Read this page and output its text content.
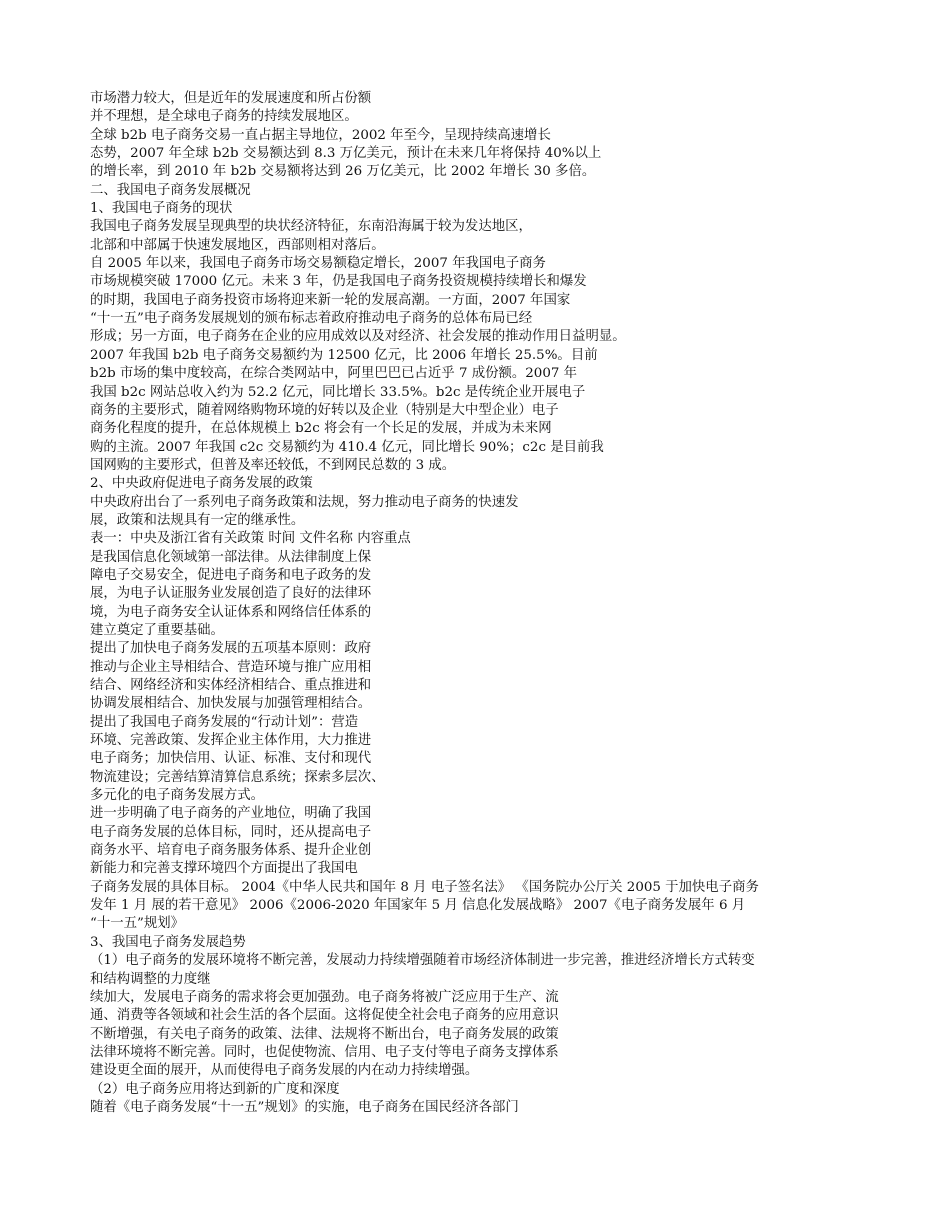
市场潜力较大，但是近年的发展速度和所占份额
并不理想，是全球电子商务的持续发展地区。
全球 b2b 电子商务交易一直占据主导地位，2002 年至今，呈现持续高速增长
态势，2007 年全球 b2b 交易额达到 8.3 万亿美元，预计在未来几年将保持 40%以上
的增长率，到 2010 年 b2b 交易额将达到 26 万亿美元，比 2002 年增长 30 多倍。
二、我国电子商务发展概况
1、我国电子商务的现状
我国电子商务发展呈现典型的块状经济特征，东南沿海属于较为发达地区，
北部和中部属于快速发展地区，西部则相对落后。
自 2005 年以来，我国电子商务市场交易额稳定增长，2007 年我国电子商务
市场规模突破 17000 亿元。未来 3 年，仍是我国电子商务投资规模持续增长和爆发
的时期，我国电子商务投资市场将迎来新一轮的发展高潮。一方面，2007 年国家
“十一五”电子商务发展规划的颁布标志着政府推动电子商务的总体布局已经
形成；另一方面，电子商务在企业的应用成效以及对经济、社会发展的推动作用日益明显。
2007 年我国 b2b 电子商务交易额约为 12500 亿元，比 2006 年增长 25.5%。目前
b2b 市场的集中度较高，在综合类网站中，阿里巴巴已占近乎 7 成份额。2007 年
我国 b2c 网站总收入约为 52.2 亿元，同比增长 33.5%。b2c 是传统企业开展电子
商务的主要形式，随着网络购物环境的好转以及企业（特别是大中型企业）电子
商务化程度的提升，在总体规模上 b2c 将会有一个长足的发展，并成为未来网
购的主流。2007 年我国 c2c 交易额约为 410.4 亿元，同比增长 90%；c2c 是目前我
国网购的主要形式，但普及率还较低，不到网民总数的 3 成。
2、中央政府促进电子商务发展的政策
中央政府出台了一系列电子商务政策和法规，努力推动电子商务的快速发
展，政策和法规具有一定的继承性。
表一：中央及浙江省有关政策 时间 文件名称 内容重点
是我国信息化领域第一部法律。从法律制度上保
障电子交易安全，促进电子商务和电子政务的发
展，为电子认证服务业发展创造了良好的法律环
境，为电子商务安全认证体系和网络信任体系的
建立奠定了重要基础。
提出了加快电子商务发展的五项基本原则：政府
推动与企业主导相结合、营造环境与推广应用相
结合、网络经济和实体经济相结合、重点推进和
协调发展相结合、加快发展与加强管理相结合。
提出了我国电子商务发展的“行动计划”：营造
环境、完善政策、发挥企业主体作用，大力推进
电子商务；加快信用、认证、标准、支付和现代
物流建设；完善结算清算信息系统；探索多层次、
多元化的电子商务发展方式。
进一步明确了电子商务的产业地位，明确了我国
电子商务发展的总体目标，同时，还从提高电子
商务水平、培育电子商务服务体系、提升企业创
新能力和完善支撑环境四个方面提出了我国电
子商务发展的具体目标。 2004《中华人民共和国年 8 月 电子签名法》 《国务院办公厅关 2005 于加快电子商务
发年 1 月 展的若干意见》 2006《2006-2020 年国家年 5 月 信息化发展战略》 2007《电子商务发展年 6 月
“十一五”规划》
3、我国电子商务发展趋势
（1）电子商务的发展环境将不断完善，发展动力持续增强随着市场经济体制进一步完善，推进经济增长方式转变
和结构调整的力度继
续加大，发展电子商务的需求将会更加强劲。电子商务将被广泛应用于生产、流
通、消费等各领域和社会生活的各个层面。这将促使全社会电子商务的应用意识
不断增强，有关电子商务的政策、法律、法规将不断出台，电子商务发展的政策
法律环境将不断完善。同时，也促使物流、信用、电子支付等电子商务支撑体系
建设更全面的展开，从而使得电子商务发展的内在动力持续增强。
（2）电子商务应用将达到新的广度和深度
随着《电子商务发展“十一五”规划》的实施，电子商务在国民经济各部门
